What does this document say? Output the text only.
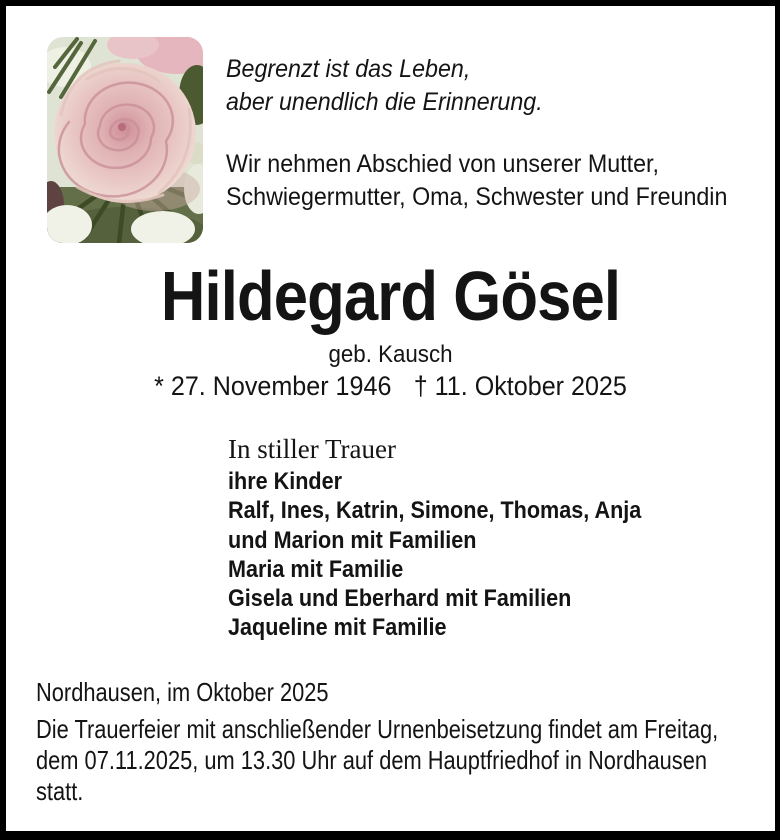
Begrenzt ist das Leben,
aber unendlich die Erinnerung.
Wir nehmen Abschied von unserer Mutter,
Schwiegermutter, Oma, Schwester und Freundin
Hildegard Gösel
geb. Kausch
* 27. November 1946 † 11. Oktober 2025
In stiller Trauer
ihre Kinder
Ralf, Ines, Katrin, Simone, Thomas, Anja
und Marion mit Familien
Maria mit Familie
Gisela und Eberhard mit Familien
Jaqueline mit Familie
Nordhausen, im Oktober 2025
Die Trauerfeier mit anschließender Urnenbeisetzung findet am Freitag,
dem 07.11.2025, um 13.30 Uhr auf dem Hauptfriedhof in Nordhausen
statt.
